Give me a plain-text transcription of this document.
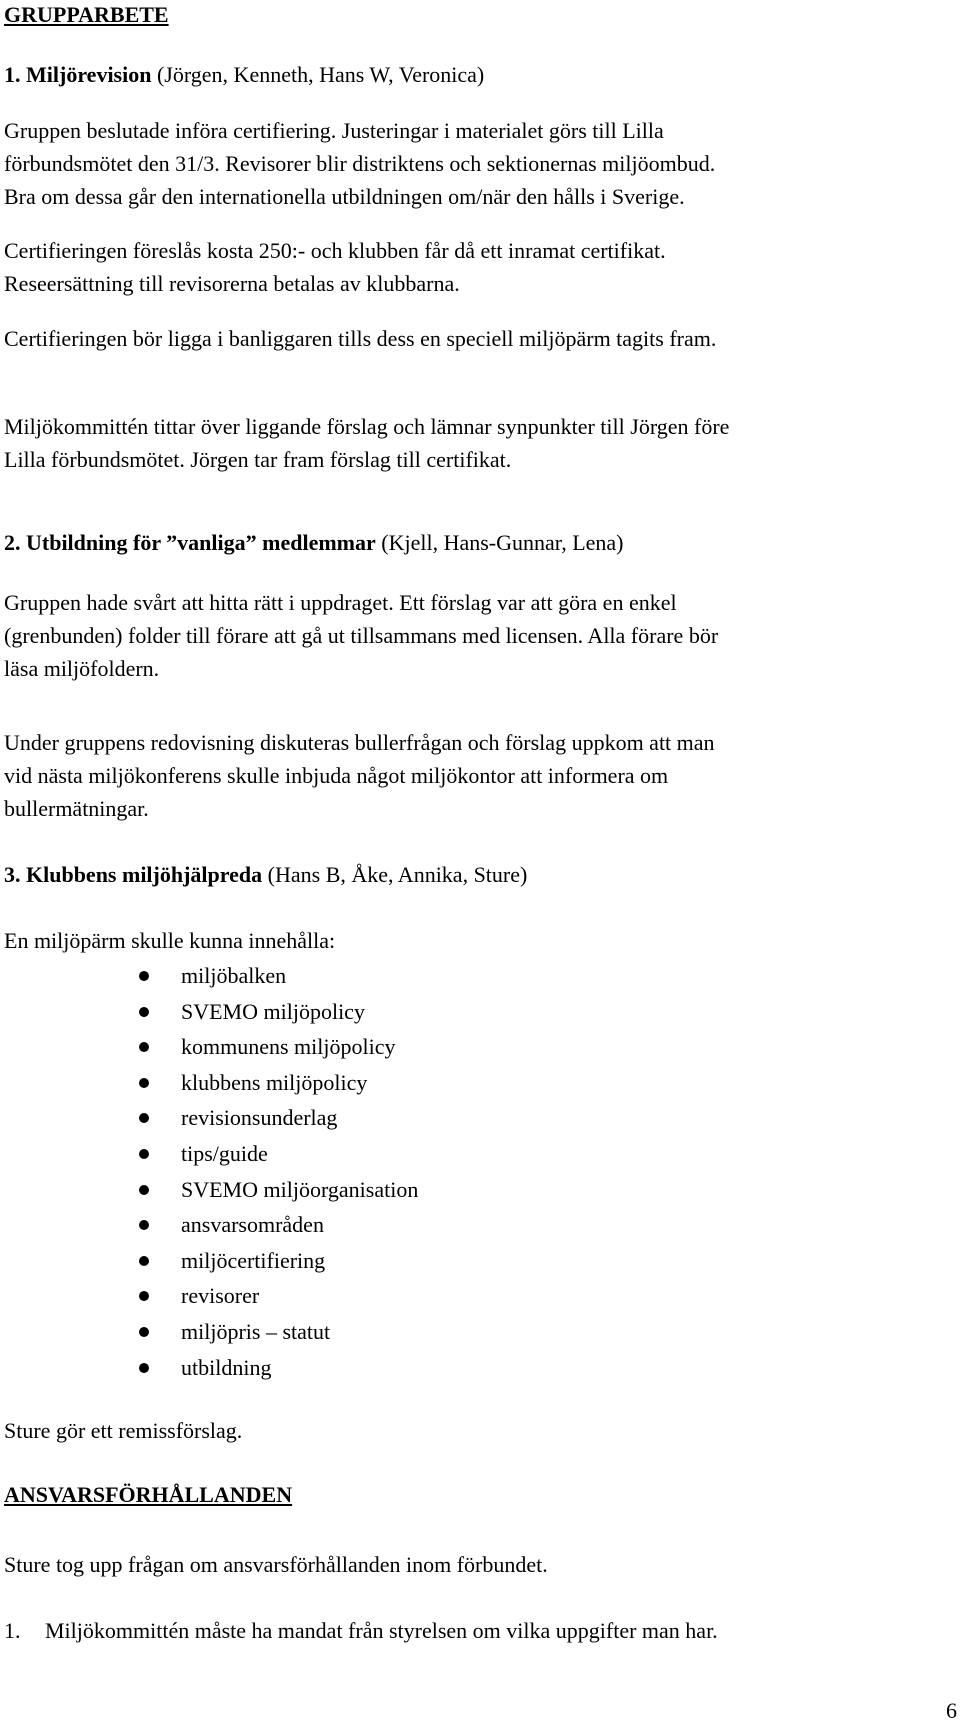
GRUPPARBETE
1. Miljörevision (Jörgen, Kenneth, Hans W, Veronica)
Gruppen beslutade införa certifiering. Justeringar i materialet görs till Lilla
förbundsmötet den 31/3. Revisorer blir distriktens och sektionernas miljöombud.
Bra om dessa går den internationella utbildningen om/när den hålls i Sverige.
Certifieringen föreslås kosta 250:- och klubben får då ett inramat certifikat.
Reseersättning till revisorerna betalas av klubbarna.
Certifieringen bör ligga i banliggaren tills dess en speciell miljöpärm tagits fram.
Miljökommittén tittar över liggande förslag och lämnar synpunkter till Jörgen före
Lilla förbundsmötet. Jörgen tar fram förslag till certifikat.
2. Utbildning för ”vanliga” medlemmar (Kjell, Hans-Gunnar, Lena)
Gruppen hade svårt att hitta rätt i uppdraget. Ett förslag var att göra en enkel
(grenbunden) folder till förare att gå ut tillsammans med licensen. Alla förare bör
läsa miljöfoldern.
Under gruppens redovisning diskuteras bullerfrågan och förslag uppkom att man
vid nästa miljökonferens skulle inbjuda något miljökontor att informera om
bullermätningar.
3. Klubbens miljöhjälpreda (Hans B, Åke, Annika, Sture)
En miljöpärm skulle kunna innehålla:
miljöbalken
SVEMO miljöpolicy
kommunens miljöpolicy
klubbens miljöpolicy
revisionsunderlag
tips/guide
SVEMO miljöorganisation
ansvarsområden
miljöcertifiering
revisorer
miljöpris – statut
utbildning
Sture gör ett remissförslag.
ANSVARSFÖRHÅLLANDEN
Sture tog upp frågan om ansvarsförhållanden inom förbundet.
1. Miljökommittén måste ha mandat från styrelsen om vilka uppgifter man har.
6
